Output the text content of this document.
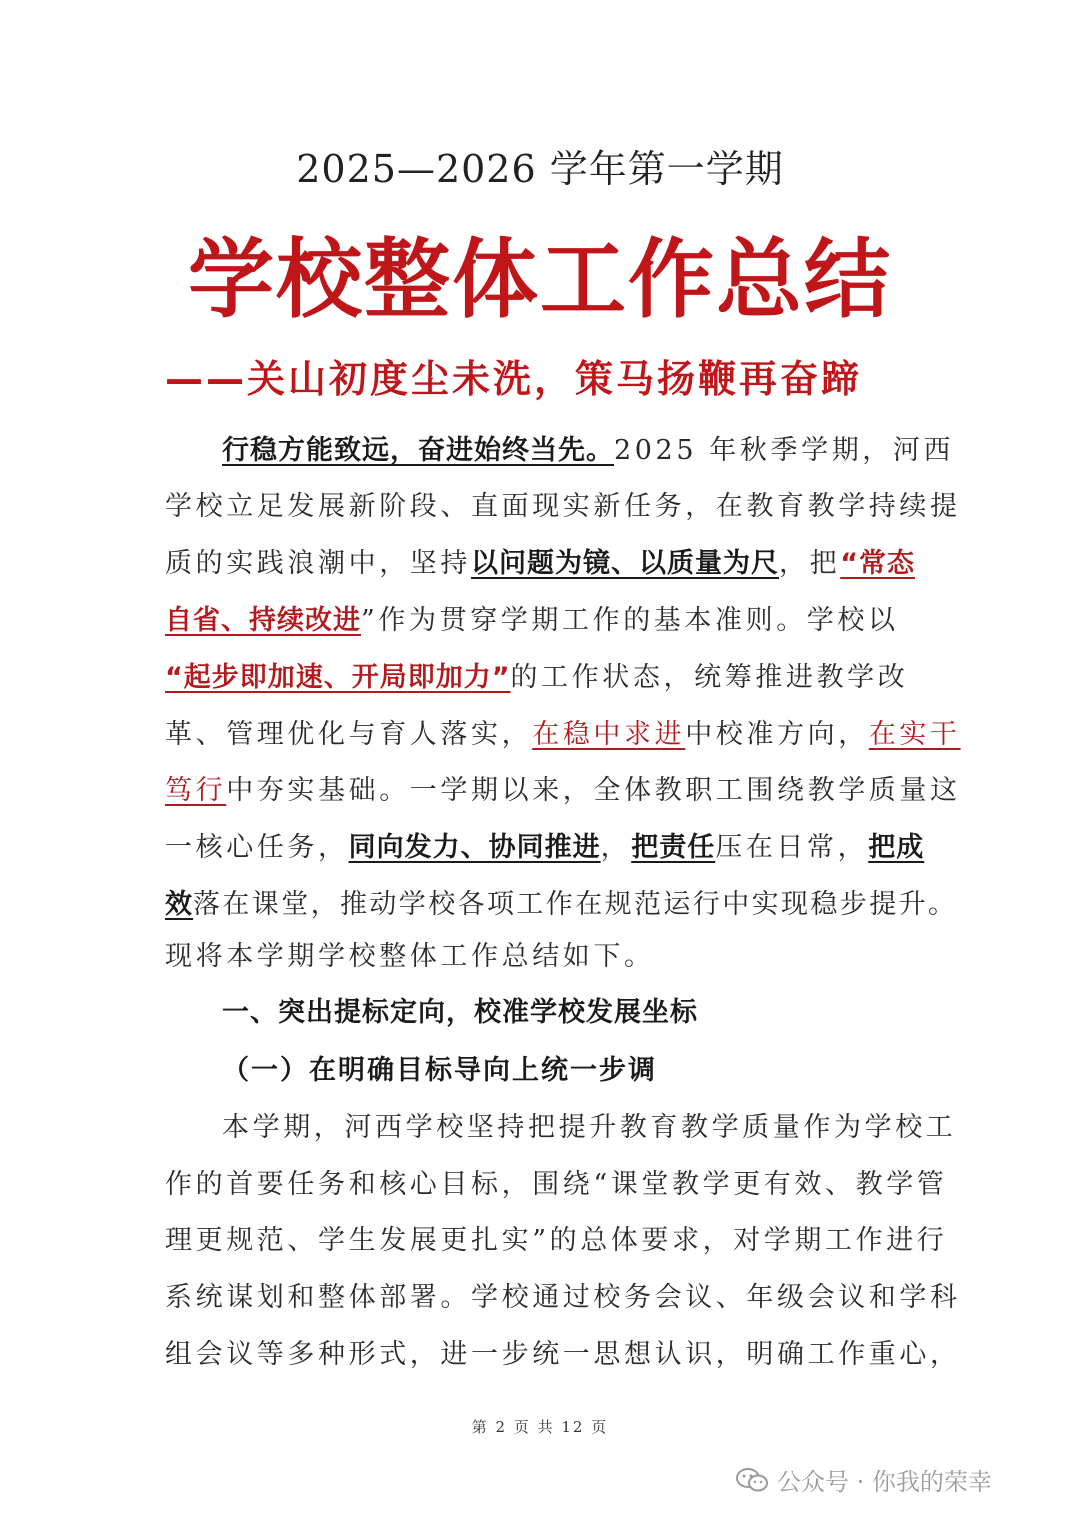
2025—2026 学年第一学期
学校整体工作总结
——关山初度尘未洗，策马扬鞭再奋蹄
行稳方能致远，奋进始终当先。2025 年秋季学期，河西
学校立足发展新阶段、直面现实新任务，在教育教学持续提
质的实践浪潮中，坚持以问题为镜、以质量为尺，把“常态
自省、持续改进”作为贯穿学期工作的基本准则。学校以
“起步即加速、开局即加力”的工作状态，统筹推进教学改
革、管理优化与育人落实，在稳中求进中校准方向，在实干
笃行中夯实基础。一学期以来，全体教职工围绕教学质量这
一核心任务，同向发力、协同推进，把责任压在日常，把成
效落在课堂，推动学校各项工作在规范运行中实现稳步提升。
现将本学期学校整体工作总结如下。
一、突出提标定向，校准学校发展坐标
（一）在明确目标导向上统一步调
本学期，河西学校坚持把提升教育教学质量作为学校工
作的首要任务和核心目标，围绕“课堂教学更有效、教学管
理更规范、学生发展更扎实”的总体要求，对学期工作进行
系统谋划和整体部署。学校通过校务会议、年级会议和学科
组会议等多种形式，进一步统一思想认识，明确工作重心，
第 2 页 共 12 页
公众号 · 你我的荣幸
